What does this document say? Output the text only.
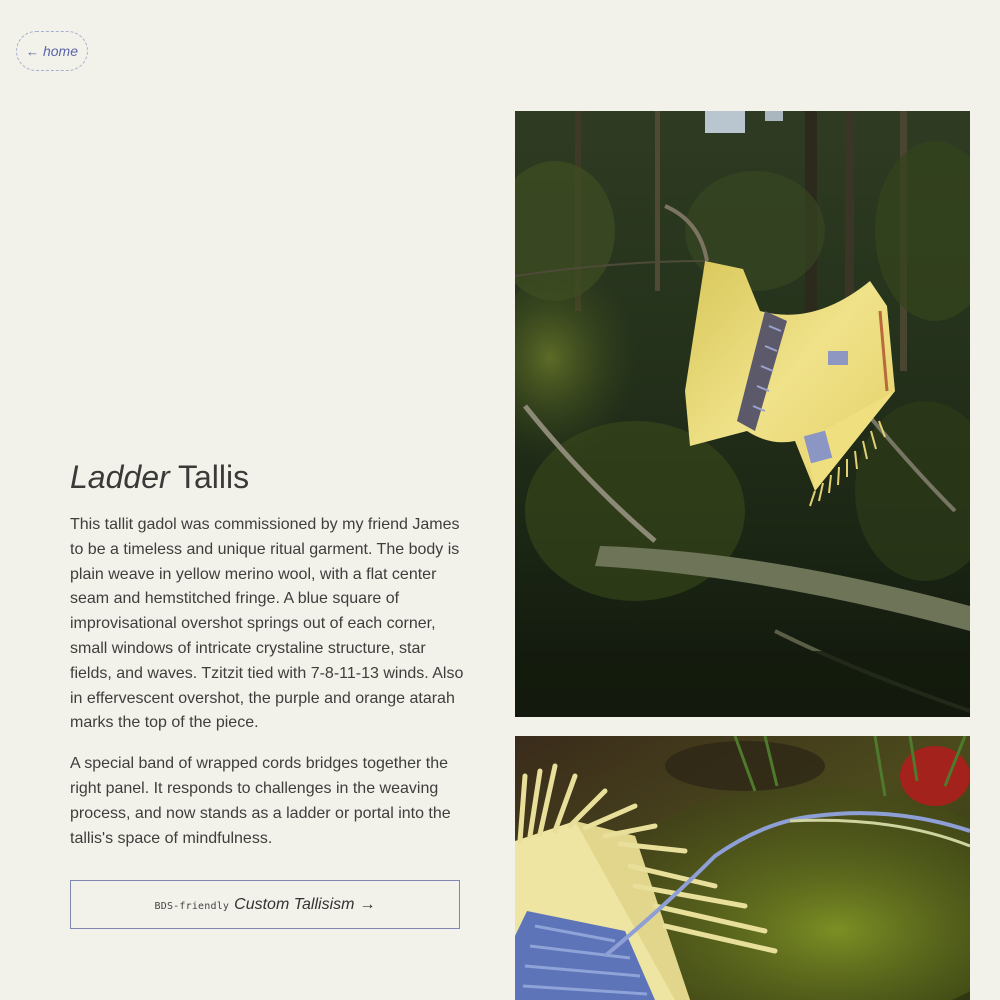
← home
Ladder Tallis

This tallit gadol was commissioned by my friend James to be a timeless and unique ritual garment. The body is plain weave in yellow merino wool, with a flat center seam and hemstitched fringe. A blue square of improvisational overshot springs out of each corner, small windows of intricate crystaline structure, star fields, and waves. Tzitzit tied with 7-8-11-13 winds. Also in effervescent overshot, the purple and orange atarah marks the top of the piece.

A special band of wrapped cords bridges together the right panel. It responds to challenges in the weaving process, and now stands as a ladder or portal into the tallis's space of mindfulness.

BDS-friendly Custom Tallisism →
